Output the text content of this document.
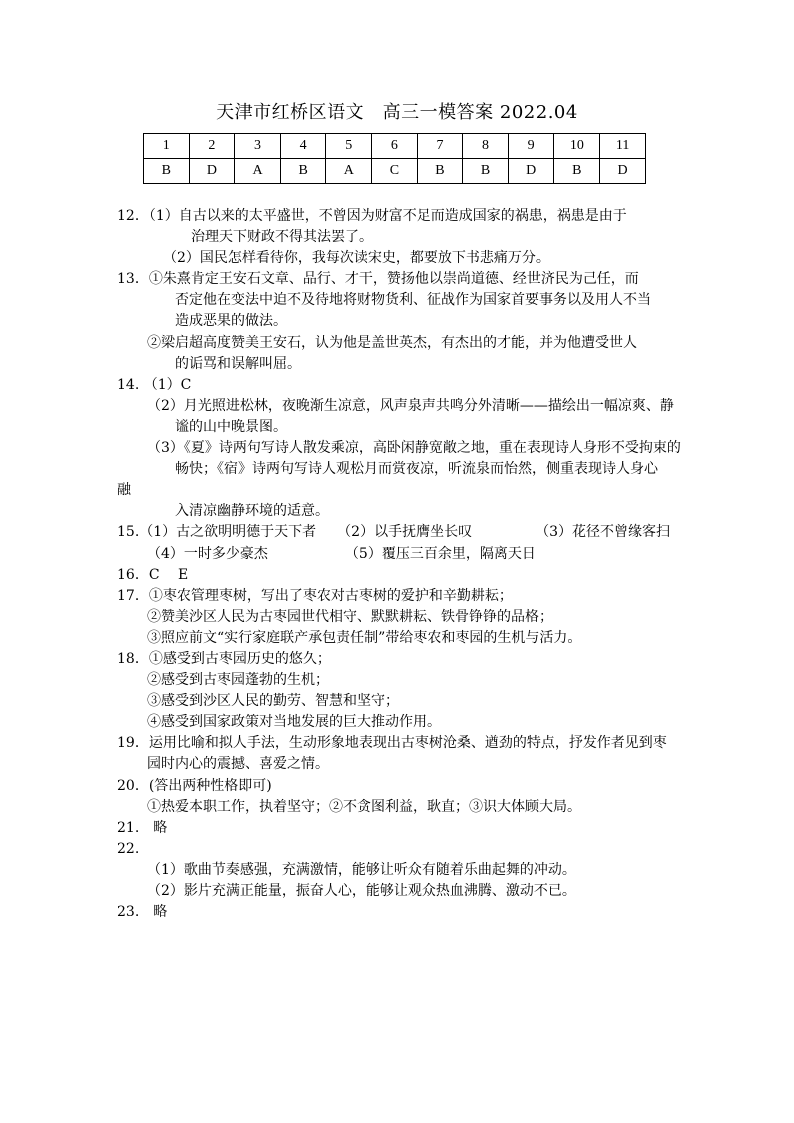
天津市红桥区语文　高三一模答案 2022.04
1	2	3	4	5	6	7	8	9	10	11
B	D	A	B	A	C	B	B	D	B	D
12．（1）自古以来的太平盛世，不曾因为财富不足而造成国家的祸患，祸患是由于
治理天下财政不得其法罢了。
（2）国民怎样看待你，我每次读宋史，都要放下书悲痛万分。
13．①朱熹肯定王安石文章、品行、才干，赞扬他以崇尚道德、经世济民为己任，而
否定他在变法中迫不及待地将财物货利、征战作为国家首要事务以及用人不当
造成恶果的做法。
②梁启超高度赞美王安石，认为他是盖世英杰，有杰出的才能，并为他遭受世人
的诟骂和误解叫屈。
14. （1）C
（2）月光照进松林，夜晚渐生凉意，风声泉声共鸣分外清晰——描绘出一幅凉爽、静
谧的山中晚景图。
（3）《夏》诗两句写诗人散发乘凉，高卧闲静宽敞之地，重在表现诗人身形不受拘束的
畅快；《宿》诗两句写诗人观松月而赏夜凉，听流泉而怡然，侧重表现诗人身心
融
入清凉幽静环境的适意。
15.（1）古之欲明明德于天下者　　（2）以手抚膺坐长叹　　　　　（3）花径不曾缘客扫
（4）一时多少豪杰　　　　　　（5）覆压三百余里，隔离天日
16．C　 E
17．①枣农管理枣树，写出了枣农对古枣树的爱护和辛勤耕耘；
②赞美沙区人民为古枣园世代相守、默默耕耘、铁骨铮铮的品格；
③照应前文“实行家庭联产承包责任制”带给枣农和枣园的生机与活力。
18．①感受到古枣园历史的悠久；
②感受到古枣园蓬勃的生机；
③感受到沙区人民的勤劳、智慧和坚守；
④感受到国家政策对当地发展的巨大推动作用。
19．运用比喻和拟人手法，生动形象地表现出古枣树沧桑、遒劲的特点，抒发作者见到枣
园时内心的震撼、喜爱之情。
20．(答出两种性格即可)
①热爱本职工作，执着坚守；②不贪图利益，耿直；③识大体顾大局。
21.　略
22.
（1）歌曲节奏感强，充满激情，能够让听众有随着乐曲起舞的冲动。
（2）影片充满正能量，振奋人心，能够让观众热血沸腾、激动不已。
23.　略
